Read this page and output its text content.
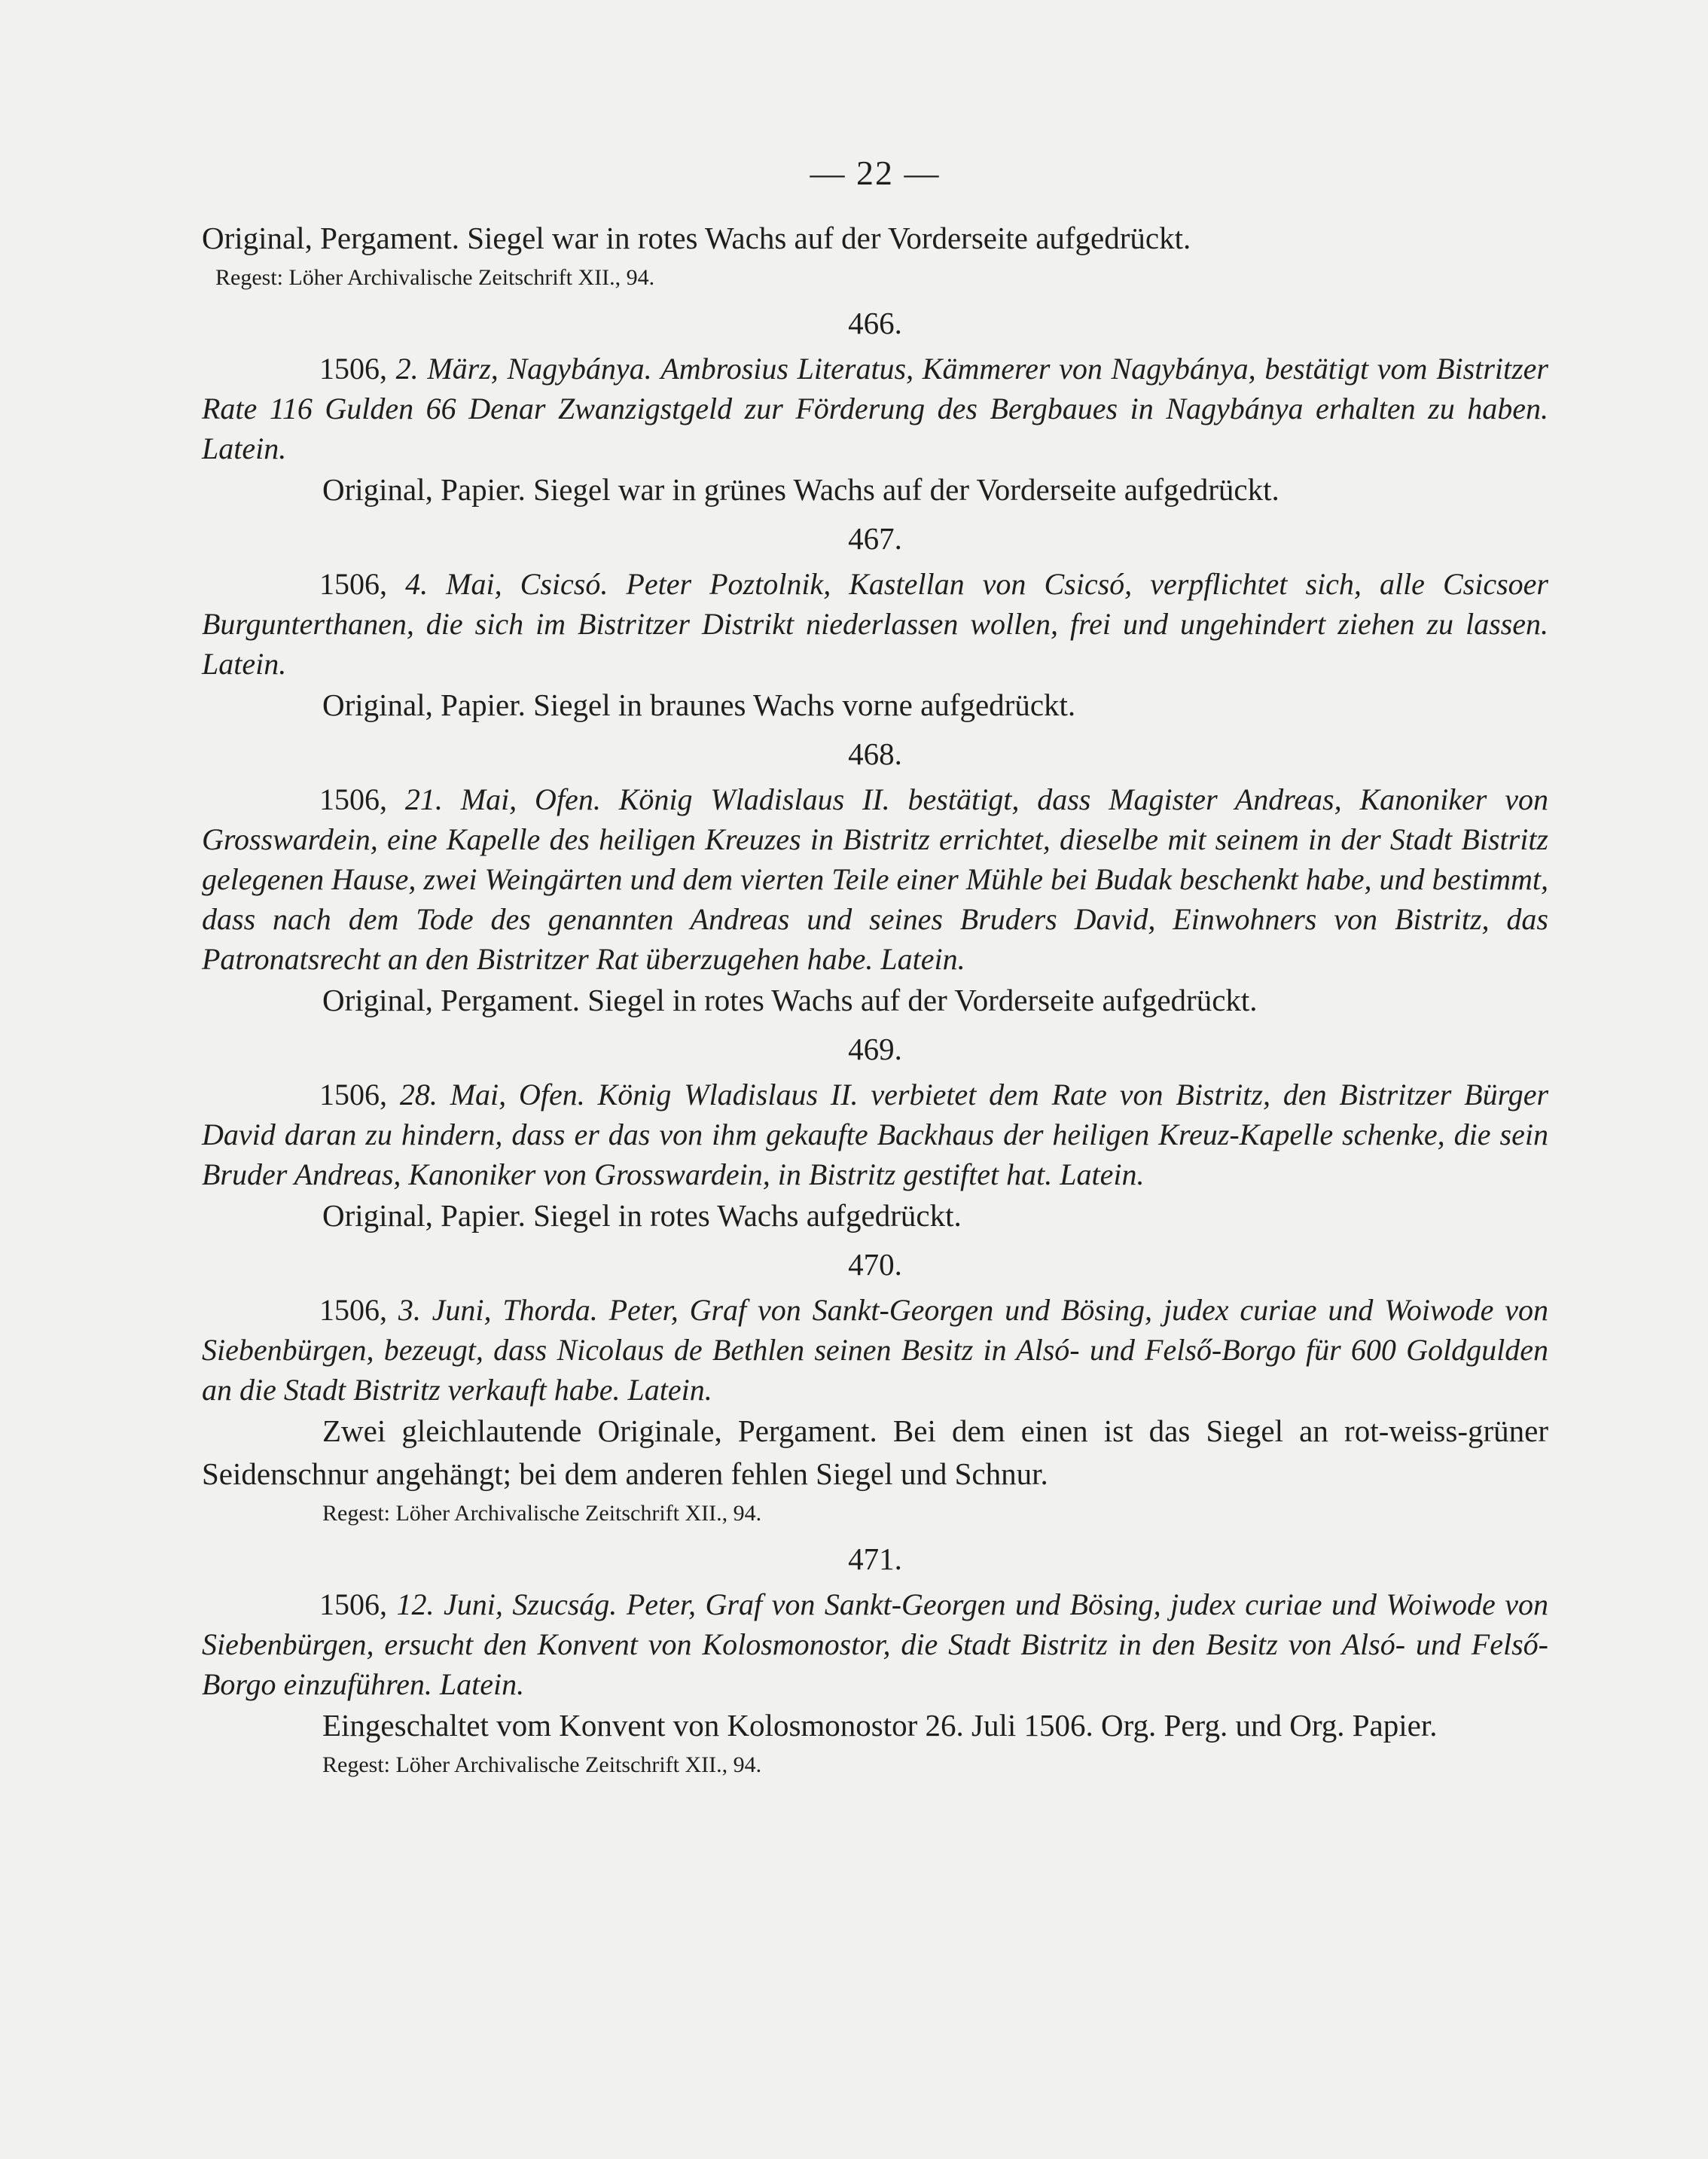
— 22 —

Original, Pergament. Siegel war in rotes Wachs auf der Vorderseite aufgedrückt.

Regest: Löher Archivalische Zeitschrift XII., 94.

466.

1506, 2. März, Nagybánya. Ambrosius Literatus, Kämmerer von Nagybánya, bestätigt vom Bistritzer Rate 116 Gulden 66 Denar Zwanzigstgeld zur Förderung des Bergbaues in Nagybánya erhalten zu haben. Latein.

Original, Papier. Siegel war in grünes Wachs auf der Vorderseite aufgedrückt.

467.

1506, 4. Mai, Csicsó. Peter Poztolnik, Kastellan von Csicsó, verpflichtet sich, alle Csicsoer Burgunterthanen, die sich im Bistritzer Distrikt niederlassen wollen, frei und ungehindert ziehen zu lassen. Latein.

Original, Papier. Siegel in braunes Wachs vorne aufgedrückt.

468.

1506, 21. Mai, Ofen. König Wladislaus II. bestätigt, dass Magister Andreas, Kanoniker von Grosswardein, eine Kapelle des heiligen Kreuzes in Bistritz errichtet, dieselbe mit seinem in der Stadt Bistritz gelegenen Hause, zwei Weingärten und dem vierten Teile einer Mühle bei Budak beschenkt habe, und bestimmt, dass nach dem Tode des genannten Andreas und seines Bruders David, Einwohners von Bistritz, das Patronatsrecht an den Bistritzer Rat überzugehen habe. Latein.

Original, Pergament. Siegel in rotes Wachs auf der Vorderseite aufgedrückt.

469.

1506, 28. Mai, Ofen. König Wladislaus II. verbietet dem Rate von Bistritz, den Bistritzer Bürger David daran zu hindern, dass er das von ihm gekaufte Backhaus der heiligen Kreuz-Kapelle schenke, die sein Bruder Andreas, Kanoniker von Grosswardein, in Bistritz gestiftet hat. Latein.

Original, Papier. Siegel in rotes Wachs aufgedrückt.

470.

1506, 3. Juni, Thorda. Peter, Graf von Sankt-Georgen und Bösing, judex curiae und Woiwode von Siebenbürgen, bezeugt, dass Nicolaus de Bethlen seinen Besitz in Alsó- und Felső-Borgo für 600 Goldgulden an die Stadt Bistritz verkauft habe. Latein.

Zwei gleichlautende Originale, Pergament. Bei dem einen ist das Siegel an rot-weiss-grüner Seidenschnur angehängt; bei dem anderen fehlen Siegel und Schnur.

Regest: Löher Archivalische Zeitschrift XII., 94.

471.

1506, 12. Juni, Szucság. Peter, Graf von Sankt-Georgen und Bösing, judex curiae und Woiwode von Siebenbürgen, ersucht den Konvent von Kolosmonostor, die Stadt Bistritz in den Besitz von Alsó- und Felső-Borgo einzuführen. Latein.

Eingeschaltet vom Konvent von Kolosmonostor 26. Juli 1506. Org. Perg. und Org. Papier.

Regest: Löher Archivalische Zeitschrift XII., 94.
